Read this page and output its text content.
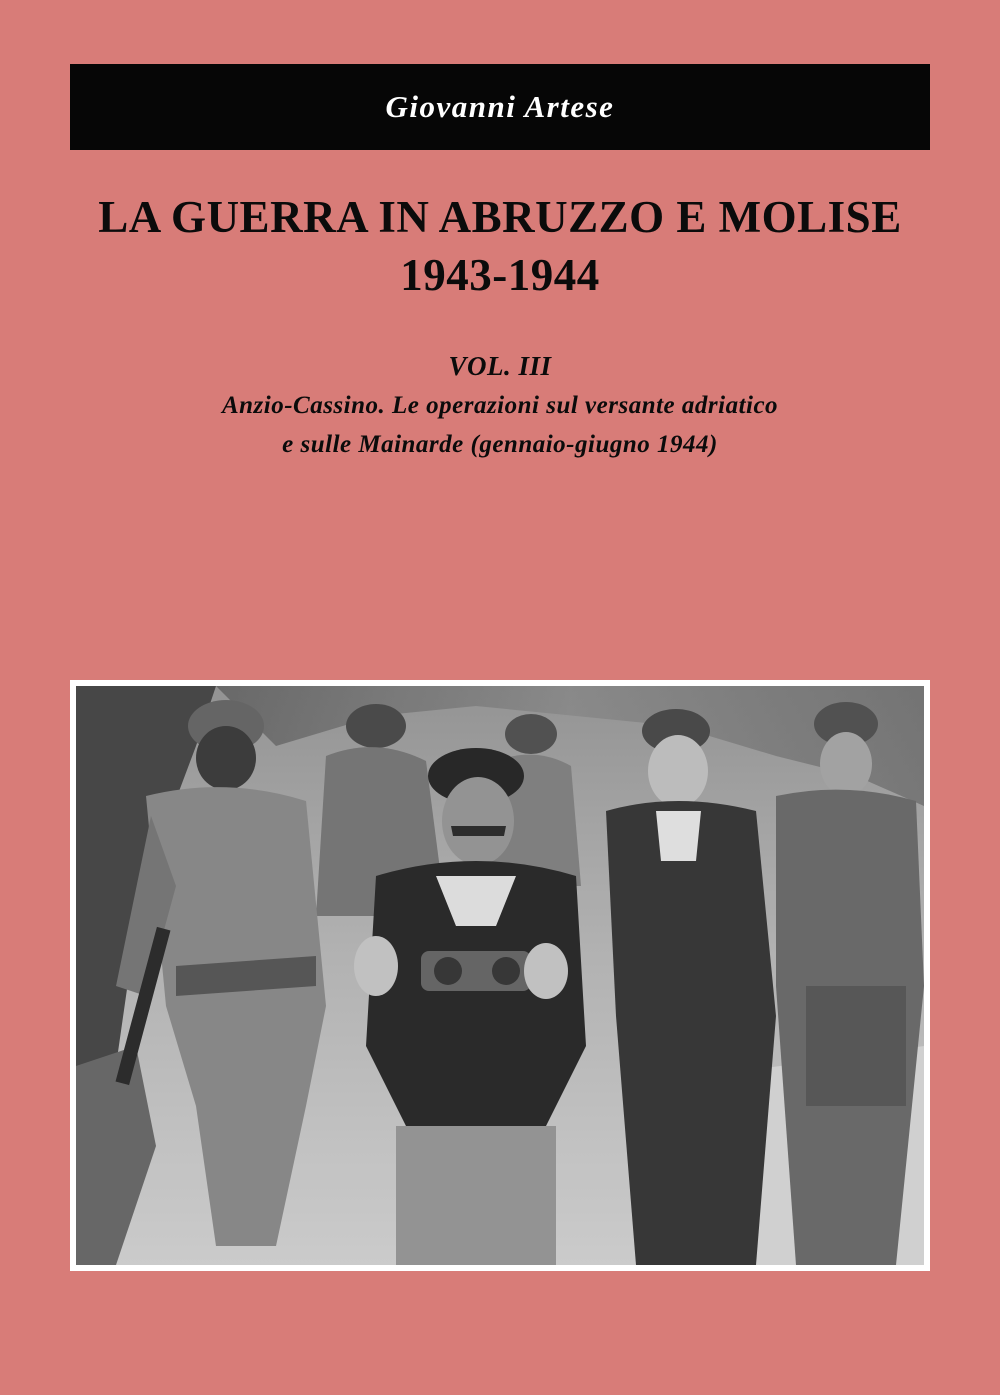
Giovanni Artese
LA GUERRA IN ABRUZZO E MOLISE
1943-1944
VOL. III
Anzio-Cassino. Le operazioni sul versante adriatico
e sulle Mainarde (gennaio-giugno 1944)
